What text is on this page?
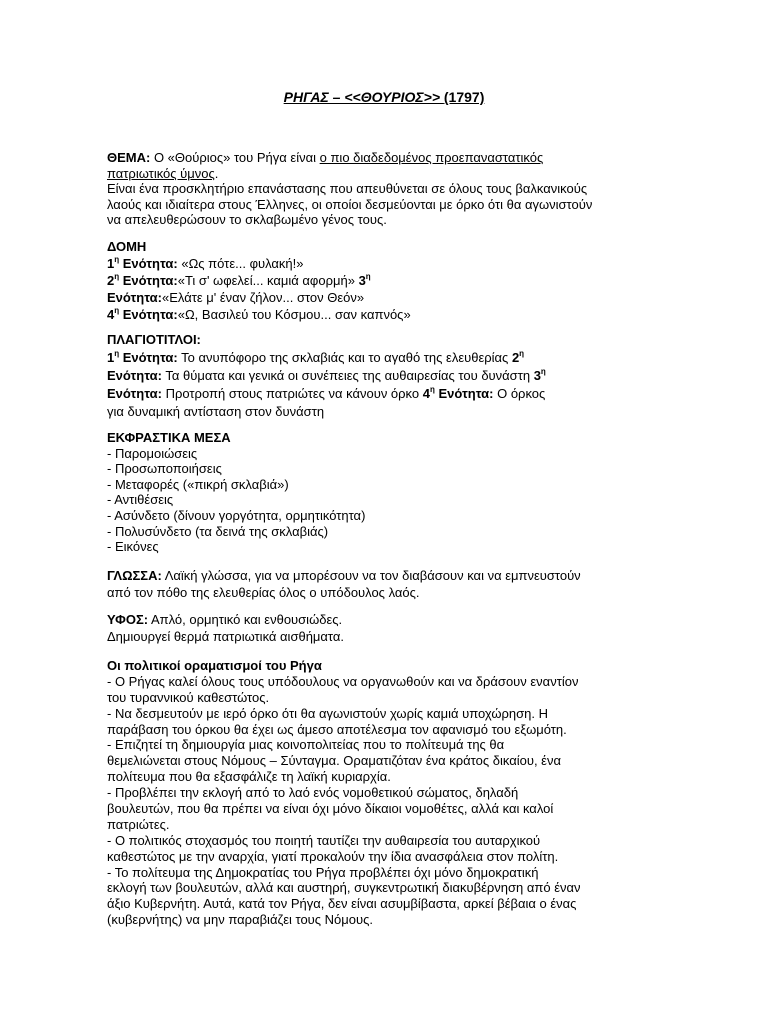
ΡΗΓΑΣ – <<ΘΟΥΡΙΟΣ>> (1797)
ΘΕΜΑ: Ο «Θούριος» του Ρήγα είναι ο πιο διαδεδομένος προεπαναστατικός
πατριωτικός ύμνος.
Είναι ένα προσκλητήριο επανάστασης που απευθύνεται σε όλους τους βαλκανικούς
λαούς και ιδιαίτερα στους Έλληνες, οι οποίοι δεσμεύονται με όρκο ότι θα αγωνιστούν
να απελευθερώσουν το σκλαβωμένο γένος τους.
ΔΟΜΗ
$1^\eta$ Ενότητα: «Ως πότε... φυλακή!»
$2^\eta$ Ενότητα:«Τι σ' ωφελεί... καμιά αφορμή» $3^\eta$
Ενότητα:«Ελάτε μ' έναν ζήλον... στον Θεόν»
$4^\eta$ Ενότητα:«Ω, Βασιλεύ του Κόσμου... σαν καπνός»
ΠΛΑΓΙΟΤΙΤΛΟΙ:
$1^\eta$ Ενότητα: Το ανυπόφορο της σκλαβιάς και το αγαθό της ελευθερίας $2^\eta$
Ενότητα: Τα θύματα και γενικά οι συνέπειες της αυθαιρεσίας του δυνάστη $3^\eta$
Ενότητα: Προτροπή στους πατριώτες να κάνουν όρκο $4^\eta$ Ενότητα: Ο όρκος
για δυναμική αντίσταση στον δυνάστη
ΕΚΦΡΑΣΤΙΚΑ ΜΕΣΑ
- Παρομοιώσεις
- Προσωποποιήσεις
- Μεταφορές («πικρή σκλαβιά»)
- Αντιθέσεις
- Ασύνδετο (δίνουν γοργότητα, ορμητικότητα)
- Πολυσύνδετο (τα δεινά της σκλαβιάς)
- Εικόνες
ΓΛΩΣΣΑ: Λαϊκή γλώσσα, για να μπορέσουν να τον διαβάσουν και να εμπνευστούν
από τον πόθο της ελευθερίας όλος ο υπόδουλος λαός.
ΥΦΟΣ: Απλό, ορμητικό και ενθουσιώδες.
Δημιουργεί θερμά πατριωτικά αισθήματα.
Οι πολιτικοί οραματισμοί του Ρήγα
- Ο Ρήγας καλεί όλους τους υπόδουλους να οργανωθούν και να δράσουν εναντίον
του τυραννικού καθεστώτος.
- Να δεσμευτούν με ιερό όρκο ότι θα αγωνιστούν χωρίς καμιά υποχώρηση. Η
παράβαση του όρκου θα έχει ως άμεσο αποτέλεσμα τον αφανισμό του εξωμότη.
- Επιζητεί τη δημιουργία μιας κοινοπολιτείας που το πολίτευμά της θα
θεμελιώνεται στους Νόμους – Σύνταγμα. Οραματιζόταν ένα κράτος δικαίου, ένα
πολίτευμα που θα εξασφάλιζε τη λαϊκή κυριαρχία.
- Προβλέπει την εκλογή από το λαό ενός νομοθετικού σώματος, δηλαδή
βουλευτών, που θα πρέπει να είναι όχι μόνο δίκαιοι νομοθέτες, αλλά και καλοί
πατριώτες.
- Ο πολιτικός στοχασμός του ποιητή ταυτίζει την αυθαιρεσία του αυταρχικού
καθεστώτος με την αναρχία, γιατί προκαλούν την ίδια ανασφάλεια στον πολίτη.
- Το πολίτευμα της Δημοκρατίας του Ρήγα προβλέπει όχι μόνο δημοκρατική
εκλογή των βουλευτών, αλλά και αυστηρή, συγκεντρωτική διακυβέρνηση από έναν
άξιο Κυβερνήτη. Αυτά, κατά τον Ρήγα, δεν είναι ασυμβίβαστα, αρκεί βέβαια ο ένας
(κυβερνήτης) να μην παραβιάζει τους Νόμους.
